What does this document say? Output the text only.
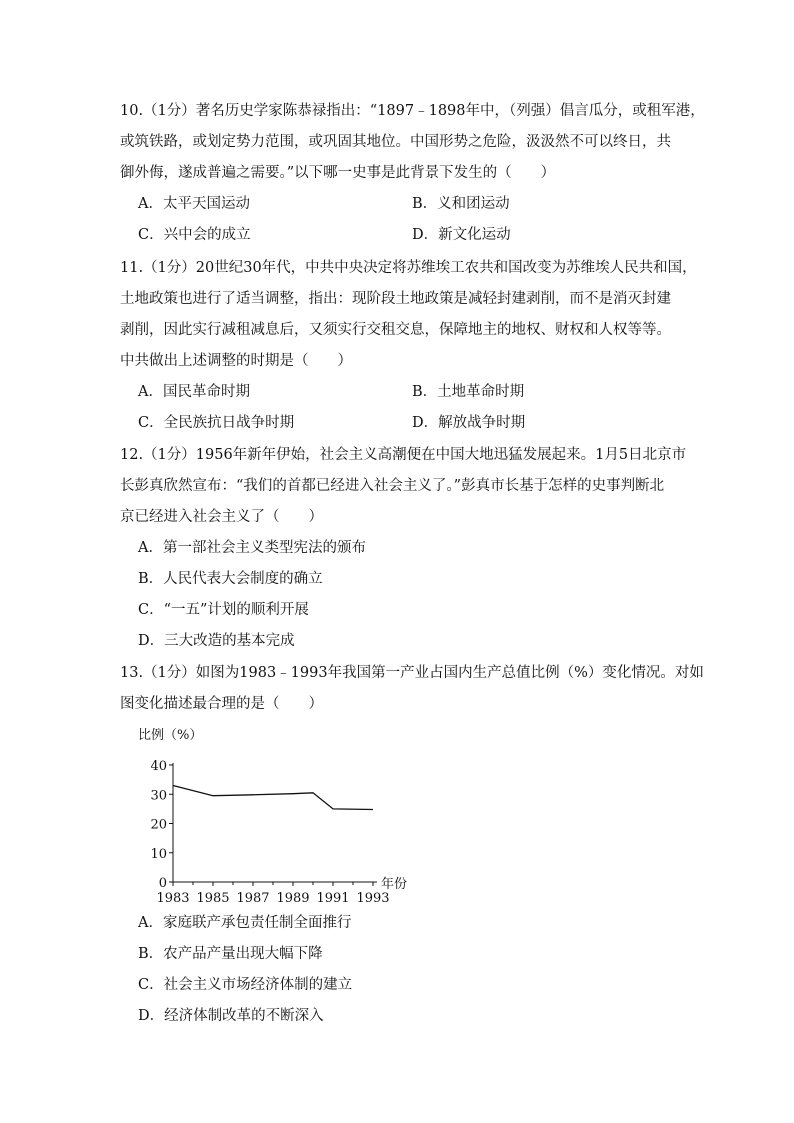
10.（1分）著名历史学家陈恭禄指出：“1897﹣1898年中，（列强）倡言瓜分，或租军港，
或筑铁路，或划定势力范围，或巩固其地位。中国形势之危险，汲汲然不可以终日，共
御外侮，遂成普遍之需要。”以下哪一史事是此背景下发生的（　　）
A．太平天国运动	B．义和团运动
C．兴中会的成立	D．新文化运动
11.（1分）20世纪30年代，中共中央决定将苏维埃工农共和国改变为苏维埃人民共和国，
土地政策也进行了适当调整，指出：现阶段土地政策是减轻封建剥削，而不是消灭封建
剥削，因此实行减租减息后，又须实行交租交息，保障地主的地权、财权和人权等等。
中共做出上述调整的时期是（　　）
A．国民革命时期	B．土地革命时期
C．全民族抗日战争时期	D．解放战争时期
12.（1分）1956年新年伊始，社会主义高潮便在中国大地迅猛发展起来。1月5日北京市
长彭真欣然宣布：“我们的首都已经进入社会主义了。”彭真市长基于怎样的史事判断北
京已经进入社会主义了（　　）
A．第一部社会主义类型宪法的颁布
B．人民代表大会制度的确立
C．“一五”计划的顺利开展
D．三大改造的基本完成
13.（1分）如图为1983﹣1993年我国第一产业占国内生产总值比例（%）变化情况。对如
图变化描述最合理的是（　　）
比例（%）
0
10
20
30
40
1983 1985 1987 1989 1991 1993
年份
A．家庭联产承包责任制全面推行
B．农产品产量出现大幅下降
C．社会主义市场经济体制的建立
D．经济体制改革的不断深入
